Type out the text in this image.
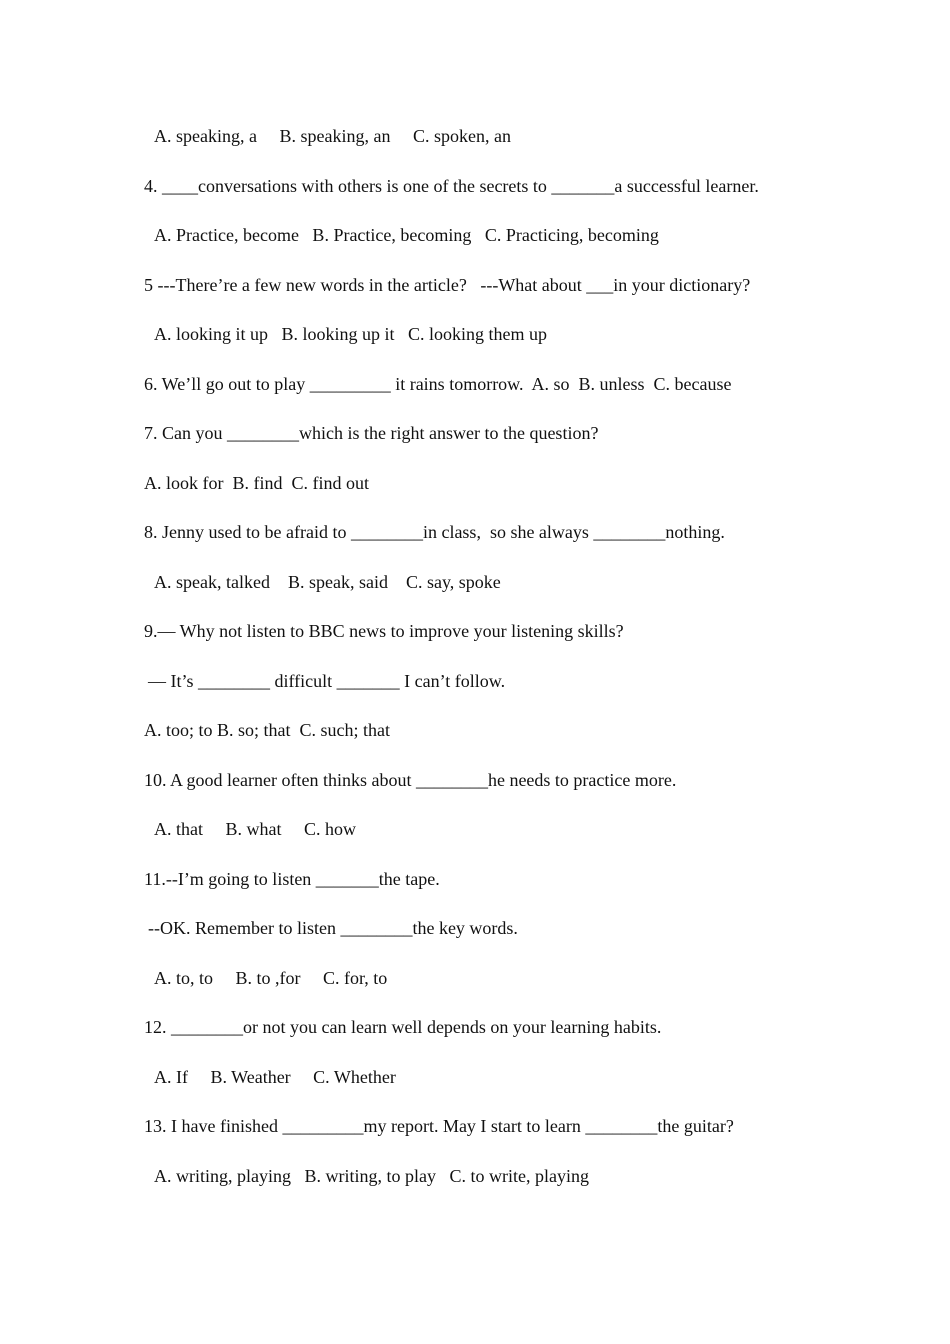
A. speaking, a     B. speaking, an     C. spoken, an
4. ____conversations with others is one of the secrets to _______a successful learner.
A. Practice, become   B. Practice, becoming   C. Practicing, becoming
5 ---There’re a few new words in the article?   ---What about ___in your dictionary?
A. looking it up   B. looking up it   C. looking them up
6. We’ll go out to play _________ it rains tomorrow.  A. so  B. unless  C. because
7. Can you ________which is the right answer to the question?
A. look for  B. find  C. find out
8. Jenny used to be afraid to ________in class,  so she always ________nothing.
A. speak, talked    B. speak, said    C. say, spoke
9.— Why not listen to BBC news to improve your listening skills?
— It’s ________ difficult _______ I can’t follow.
A. too; to B. so; that  C. such; that
10. A good learner often thinks about ________he needs to practice more.
A. that     B. what     C. how
11.--I’m going to listen _______the tape.
--OK. Remember to listen ________the key words.
A. to, to     B. to ,for     C. for, to
12. ________or not you can learn well depends on your learning habits.
A. If     B. Weather     C. Whether
13. I have finished _________my report. May I start to learn ________the guitar?
A. writing, playing   B. writing, to play   C. to write, playing
